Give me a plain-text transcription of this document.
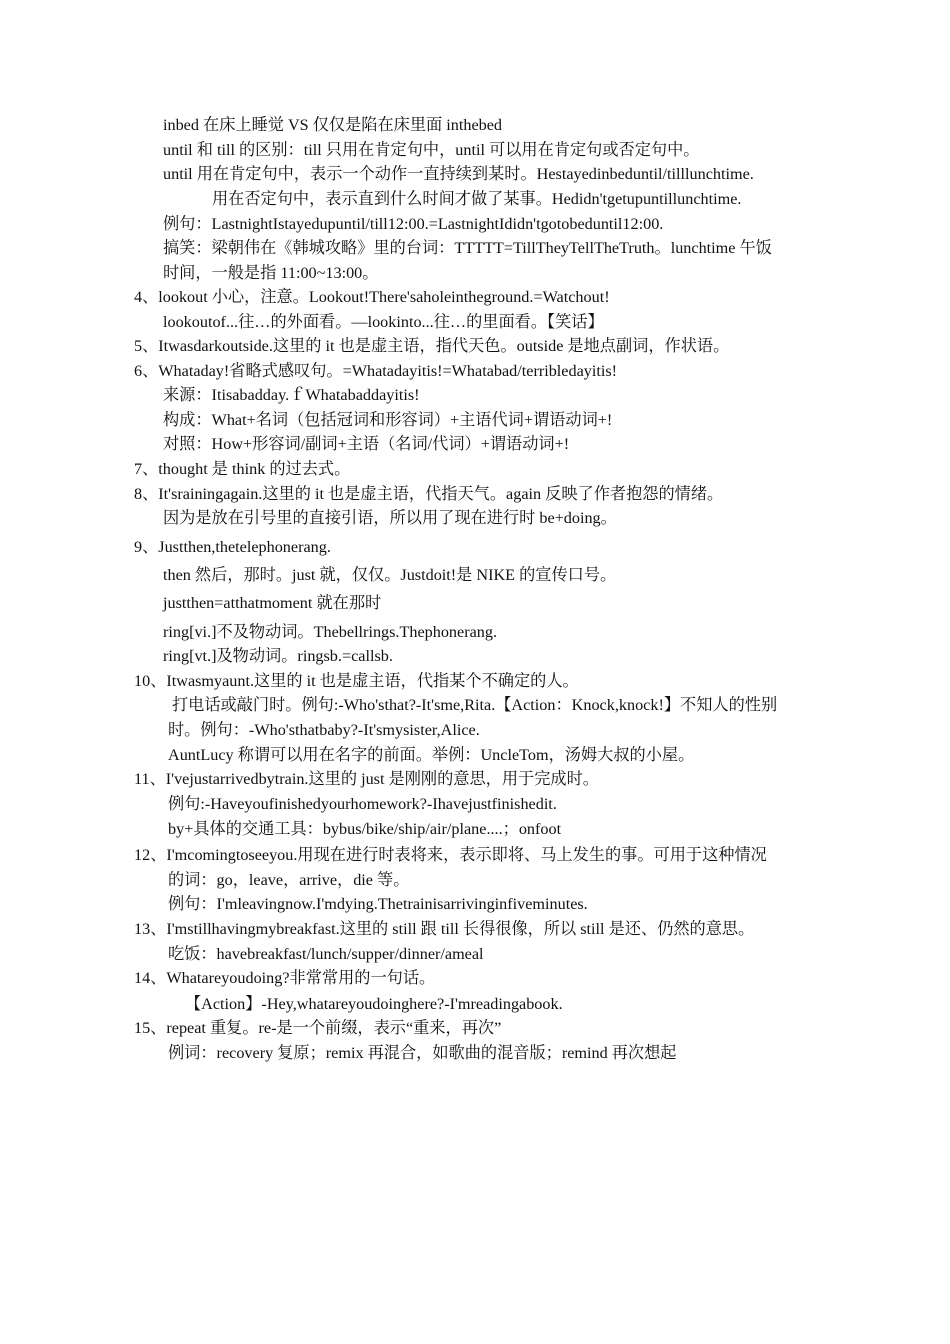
inbed 在床上睡觉 VS 仅仅是陷在床里面 inthebed
until 和 till 的区别：till 只用在肯定句中，until 可以用在肯定句或否定句中。
until 用在肯定句中，表示一个动作一直持续到某时。Hestayedinbeduntil/tilllunchtime.
用在否定句中，表示直到什么时间才做了某事。Hedidn'tgetupuntillunchtime.
例句：LastnightIstayedupuntil/till12:00.=LastnightIdidn'tgotobeduntil12:00.
搞笑：梁朝伟在《韩城攻略》里的台词：TTTTT=TillTheyTellTheTruth。lunchtime 午饭
时间，一般是指 11:00~13:00。
4、lookout 小心，注意。Lookout!There'saholeintheground.=Watchout!
lookoutof...往…的外面看。—lookinto...往…的里面看。【笑话】
5、Itwasdarkoutside.这里的 it 也是虚主语，指代天色。outside 是地点副词，作状语。
6、Whataday!省略式感叹句。=Whatadayitis!=Whatabad/terribledayitis!
来源：Itisabadday.ｆWhatabaddayitis!
构成：What+名词（包括冠词和形容词）+主语代词+谓语动词+!
对照：How+形容词/副词+主语（名词/代词）+谓语动词+!
7、thought 是 think 的过去式。
8、It'srainingagain.这里的 it 也是虚主语，代指天气。again 反映了作者抱怨的情绪。
因为是放在引号里的直接引语，所以用了现在进行时 be+doing。
9、Justthen,thetelephonerang.
then 然后，那时。just 就，仅仅。Justdoit!是 NIKE 的宣传口号。
justthen=atthatmoment 就在那时
ring[vi.]不及物动词。Thebellrings.Thephonerang.
ring[vt.]及物动词。ringsb.=callsb.
10、Itwasmyaunt.这里的 it 也是虚主语，代指某个不确定的人。
打电话或敲门时。例句:-Who'sthat?-It'sme,Rita.【Action：Knock,knock!】不知人的性别
时。例句：-Who'sthatbaby?-It'smysister,Alice.
AuntLucy 称谓可以用在名字的前面。举例：UncleTom，汤姆大叔的小屋。
11、I'vejustarrivedbytrain.这里的 just 是刚刚的意思，用于完成时。
例句:-Haveyoufinishedyourhomework?-Ihavejustfinishedit.
by+具体的交通工具：bybus/bike/ship/air/plane....；onfoot
12、I'mcomingtoseeyou.用现在进行时表将来，表示即将、马上发生的事。可用于这种情况
的词：go，leave，arrive，die 等。
例句：I'mleavingnow.I'mdying.Thetrainisarrivinginfiveminutes.
13、I'mstillhavingmybreakfast.这里的 still 跟 till 长得很像，所以 still 是还、仍然的意思。
吃饭：havebreakfast/lunch/supper/dinner/ameal
14、Whatareyoudoing?非常常用的一句话。
【Action】-Hey,whatareyoudoinghere?-I'mreadingabook.
15、repeat 重复。re-是一个前缀，表示“重来，再次”
例词：recovery 复原；remix 再混合，如歌曲的混音版；remind 再次想起
